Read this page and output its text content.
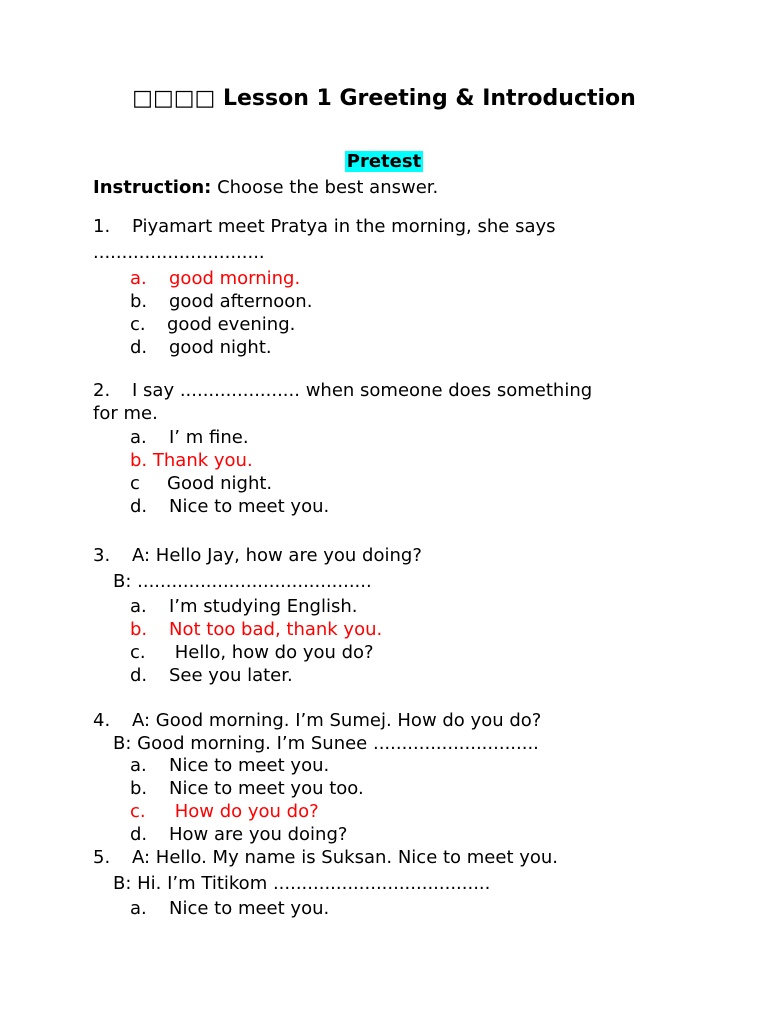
□□□□ Lesson 1 Greeting & Introduction
Pretest
Instruction: Choose the best answer.
1. Piyamart meet Pratya in the morning, she says
..............................
a. good morning.
b. good afternoon.
c. good evening.
d. good night.
2. I say ..................... when someone does something
for me.
a. I’ m fine.
b. Thank you.
c Good night.
d. Nice to meet you.
3. A: Hello Jay, how are you doing?
B: .........................................
a. I’m studying English.
b. Not too bad, thank you.
c. Hello, how do you do?
d. See you later.
4. A: Good morning. I’m Sumej. How do you do?
B: Good morning. I’m Sunee .............................
a. Nice to meet you.
b. Nice to meet you too.
c. How do you do?
d. How are you doing?
5. A: Hello. My name is Suksan. Nice to meet you.
B: Hi. I’m Titikom ......................................
a. Nice to meet you.
